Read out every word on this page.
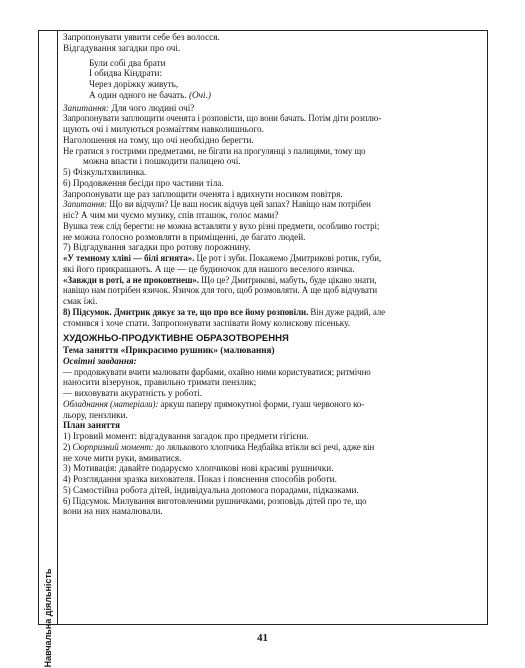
Навчальна діяльність
Запропонувати уявити себе без волосся.
Відгадування загадки про очі.
Були собі два брати
І обидва Кіндрати:
Через доріжку живуть,
А один одного не бачать. (Очі.)
Запитання: Для чого людині очі?
Запропонувати заплющити оченята і розповісти, що вони бачать. Потім діти розплю-
щують очі і милуються розмаїттям навколишнього.
Наголошення на тому, що очі необхідно берегти.
Не гратися з гострими предметами, не бігати на прогулянці з палицями, тому що
можна впасти і пошкодити палицею очі.
5) Фізкультхвилинка.
6) Продовження бесіди про частини тіла.
Запропонувати ще раз заплющити оченята і вдихнути носиком повітря.
Запитання: Що ви відчули? Це ваш носик відчув цей запах? Навіщо нам потрібен
ніс? А чим ми чуємо музику, спів пташок, голос мами?
Вушка теж слід берегти: не можна вставляти у вухо різні предмети, особливо гострі;
не можна голосно розмовляти в приміщенні, де багато людей.
7) Відгадування загадки про ротову порожнину.
«У темному хліві — білі ягнята». Це рот і зуби. Покажемо Дмитрикові ротик, губи,
які його прикрашають. А ще — це будиночок для нашого веселого язичка.
«Завжди в роті, а не проковтнеш». Що це? Дмитрикові, мабуть, буде цікаво знати,
навіщо нам потрібен язичок. Язичок для того, щоб розмовляти. А ще щоб відчувати
смак їжі.
8) Підсумок. Дмитрик дякує за те, що про все йому розповіли. Він дуже радий, але
стомився і хоче спати. Запропонувати заспівати йому колискову пісеньку.
ХУДОЖНЬО-ПРОДУКТИВНЕ ОБРАЗОТВОРЕННЯ
Тема заняття «Прикрасимо рушник» (малювання)
Освітні завдання:
— продовжувати вчити малювати фарбами, охайно ними користуватися; ритмічно
наносити візерунок, правильно тримати пензлик;
— виховувати акуратність у роботі.
Обладнання (матеріали): аркуш паперу прямокутної форми, гуаш червоного ко-
льору, пензлики.
План заняття
1) Ігровий момент: відгадування загадок про предмети гігієни.
2) Сюрпризний момент: до лялькового хлопчика Недбайка втікли всі речі, адже він
не хоче мити руки, вмиватися.
3) Мотивація: давайте подаруємо хлопчикові нові красиві рушнички.
4) Розглядання зразка вихователя. Показ і пояснення способів роботи.
5) Самостійна робота дітей, індивідуальна допомога порадами, підказками.
6) Підсумок. Милування виготовленими рушничками, розповідь дітей про те, що
вони на них намалювали.
41
